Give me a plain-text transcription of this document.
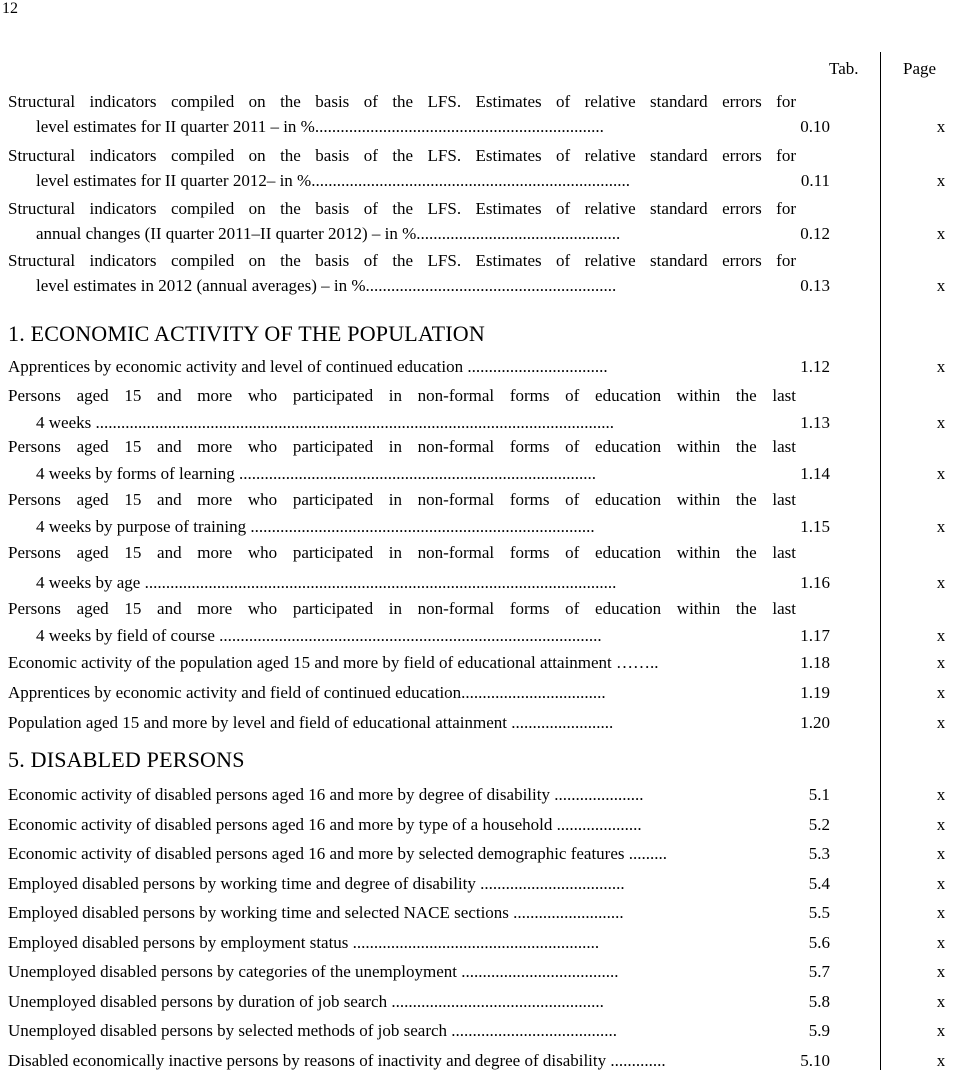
12
Tab.	Page
Structural indicators compiled on the basis of the LFS. Estimates of relative standard errors for
level estimates for II quarter 2011 – in %....................................................................	0.10	x
Structural indicators compiled on the basis of the LFS. Estimates of relative standard errors for
level estimates for II quarter 2012– in %...........................................................................	0.11	x
Structural indicators compiled on the basis of the LFS. Estimates of relative standard errors for
annual changes (II quarter 2011–II quarter 2012) – in %................................................	0.12	x
Structural indicators compiled on the basis of the LFS. Estimates of relative standard errors for
level estimates in 2012 (annual averages) – in %...........................................................	0.13	x
1. ECONOMIC ACTIVITY OF THE POPULATION
Apprentices by economic activity and level of continued education .................................	1.12	x
Persons aged 15 and more who participated in non-formal forms of education within the last
4 weeks ..........................................................................................................................	1.13	x
Persons aged 15 and more who participated in non-formal forms of education within the last
4 weeks by forms of learning ....................................................................................	1.14	x
Persons aged 15 and more who participated in non-formal forms of education within the last
4 weeks by purpose of training .................................................................................	1.15	x
Persons aged 15 and more who participated in non-formal forms of education within the last
4 weeks by age ...............................................................................................................	1.16	x
Persons aged 15 and more who participated in non-formal forms of education within the last
4 weeks by field of course ..........................................................................................	1.17	x
Economic activity of the population aged 15 and more by field of educational attainment ……..	1.18	x
Apprentices by economic activity and field of continued education..................................	1.19	x
Population aged 15 and more by level and field of educational attainment ........................	1.20	x
5. DISABLED PERSONS
Economic activity of disabled persons aged 16 and more by degree of disability .....................	5.1	x
Economic activity of disabled persons aged 16 and more by type of a household ....................	5.2	x
Economic activity of disabled persons aged 16 and more by selected demographic features .........	5.3	x
Employed disabled persons by working time and degree of disability ..................................	5.4	x
Employed disabled persons by working time and selected NACE sections ..........................	5.5	x
Employed disabled persons by employment status ..........................................................	5.6	x
Unemployed disabled persons by categories of the unemployment .....................................	5.7	x
Unemployed disabled persons by duration of job search ..................................................	5.8	x
Unemployed disabled persons by selected methods of job search .......................................	5.9	x
Disabled economically inactive persons by reasons of inactivity and degree of disability .............	5.10	x
